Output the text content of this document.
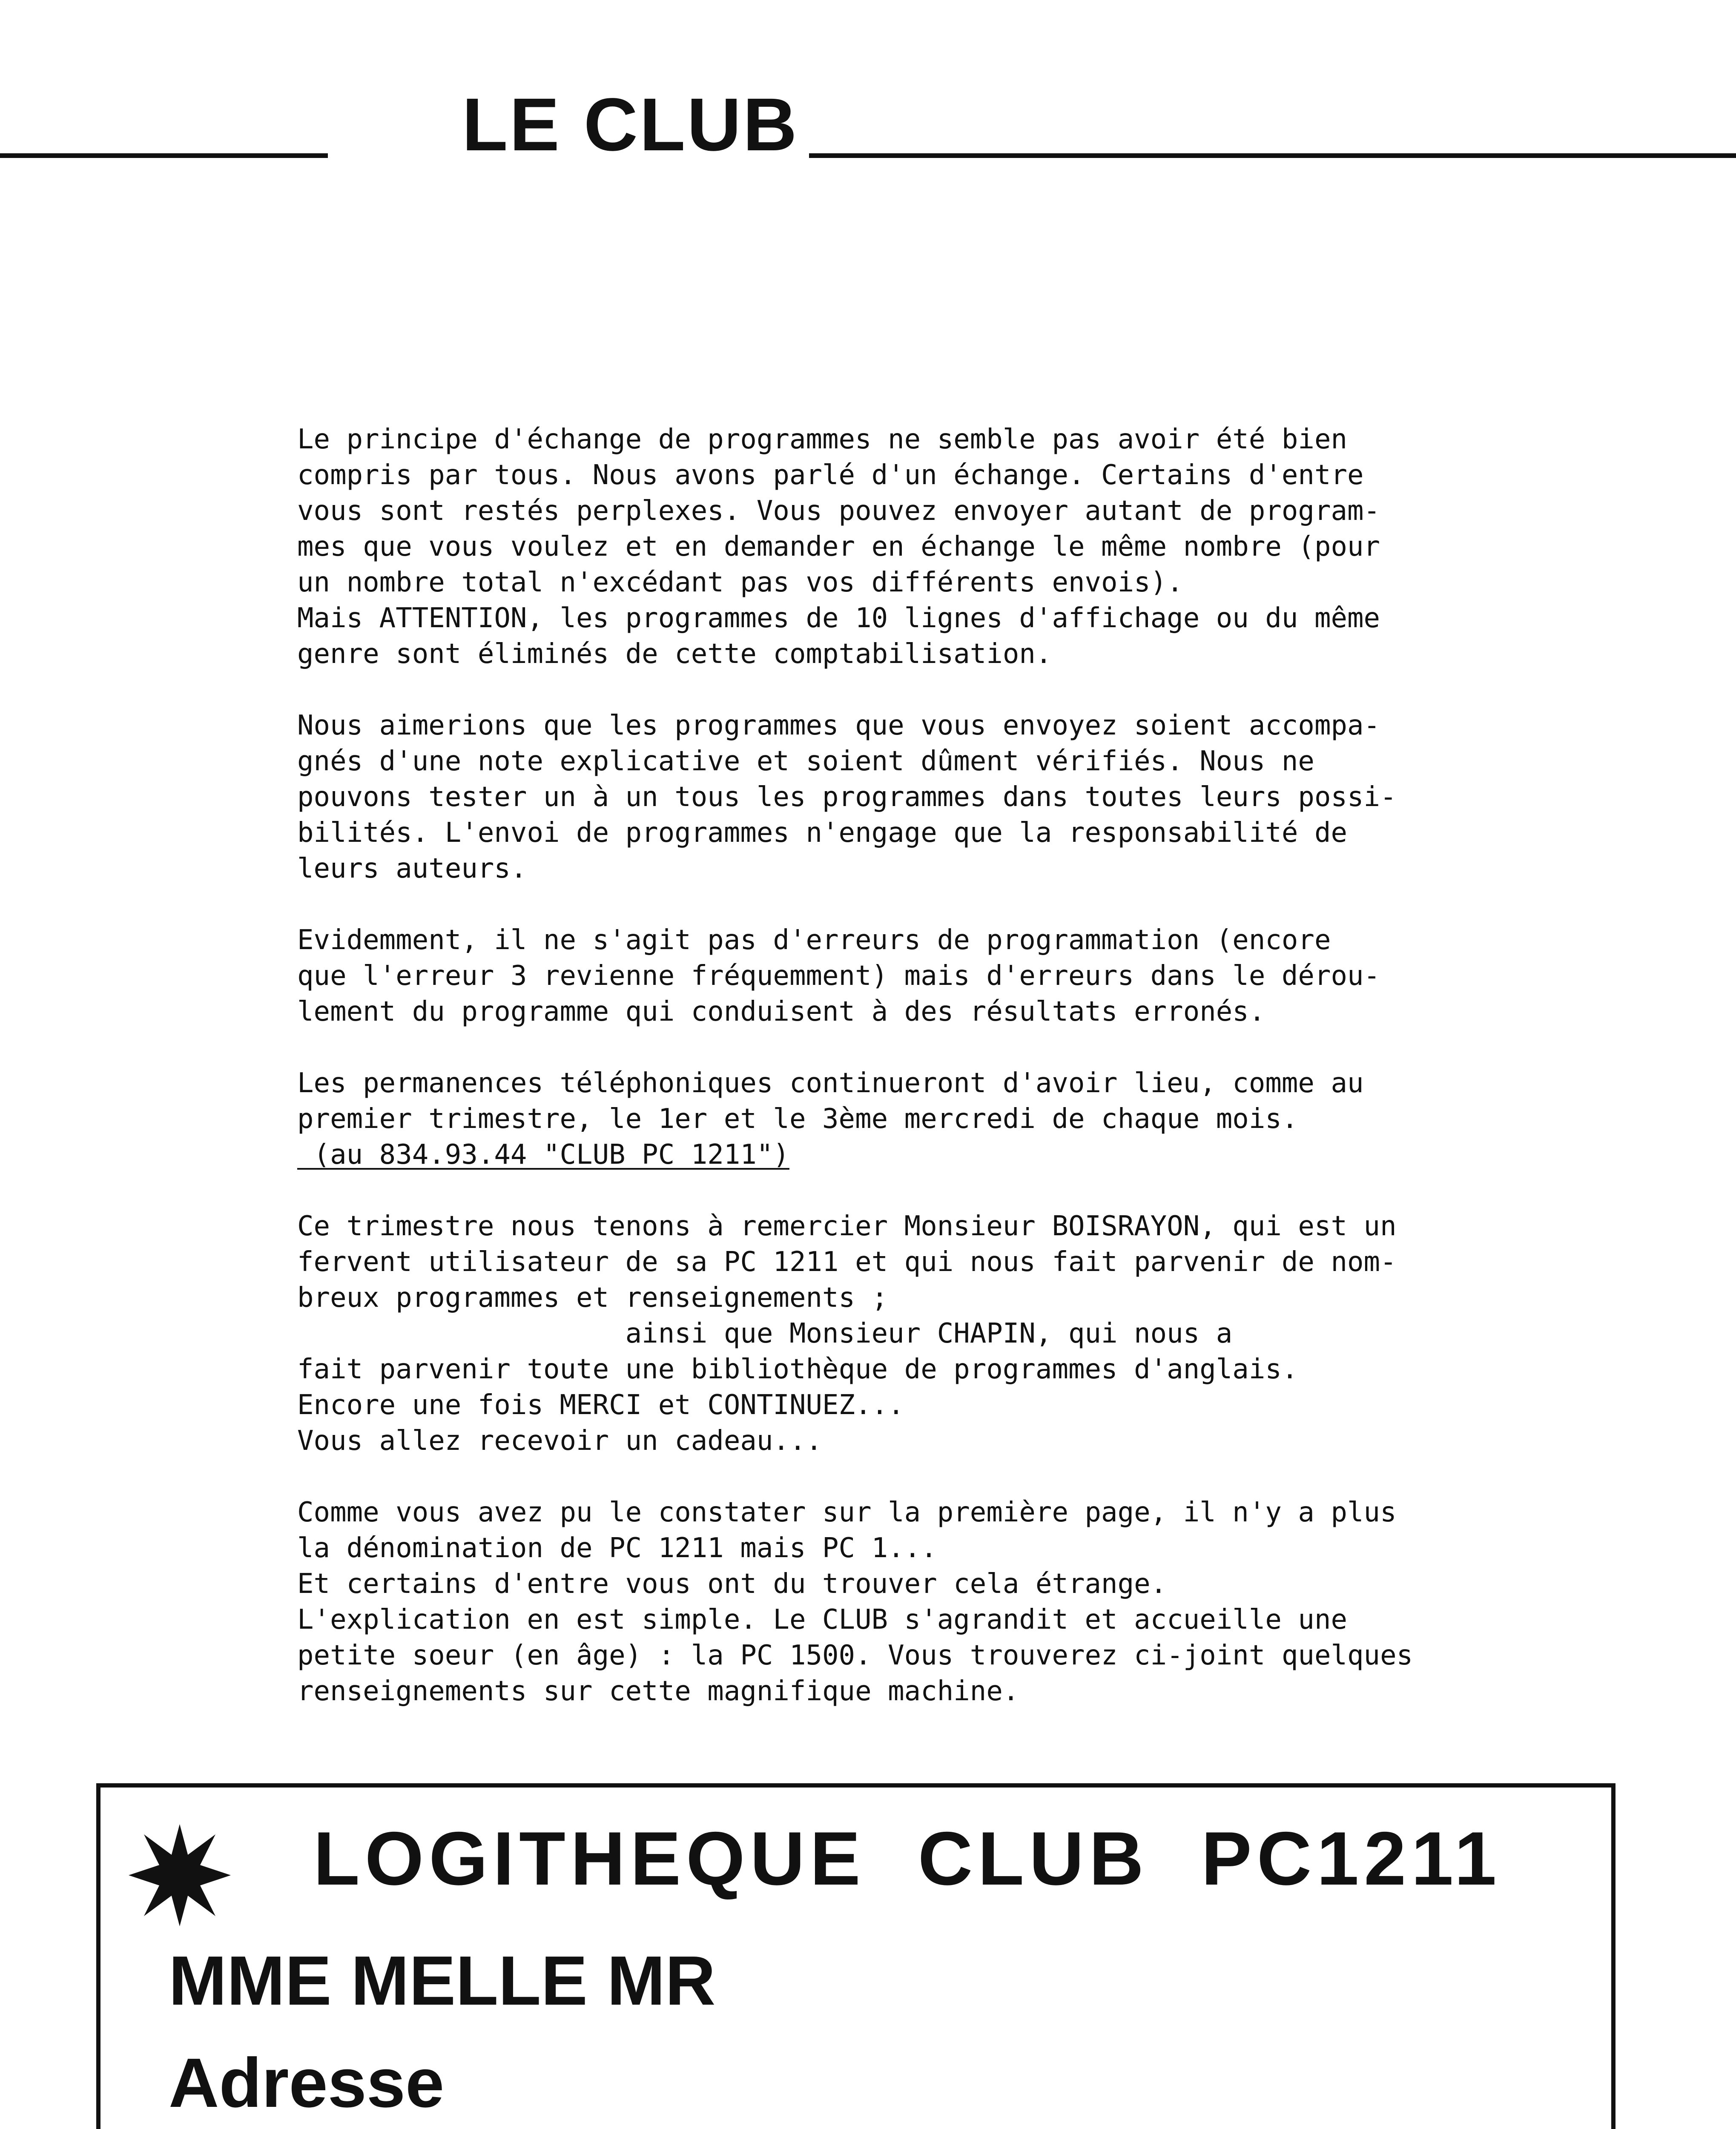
LE CLUB

Le principe d'échange de programmes ne semble pas avoir été bien
compris par tous. Nous avons parlé d'un échange. Certains d'entre
vous sont restés perplexes. Vous pouvez envoyer autant de program-
mes que vous voulez et en demander en échange le même nombre (pour
un nombre total n'excédant pas vos différents envois).
Mais ATTENTION, les programmes de 10 lignes d'affichage ou du même
genre sont éliminés de cette comptabilisation.

Nous aimerions que les programmes que vous envoyez soient accompa-
gnés d'une note explicative et soient dûment vérifiés. Nous ne
pouvons tester un à un tous les programmes dans toutes leurs possi-
bilités. L'envoi de programmes n'engage que la responsabilité de
leurs auteurs.

Evidemment, il ne s'agit pas d'erreurs de programmation (encore
que l'erreur 3 revienne fréquemment) mais d'erreurs dans le dérou-
lement du programme qui conduisent à des résultats erronés.

Les permanences téléphoniques continueront d'avoir lieu, comme au
premier trimestre, le 1er et le 3ème mercredi de chaque mois.
(au 834.93.44 "CLUB PC 1211")

Ce trimestre nous tenons à remercier Monsieur BOISRAYON, qui est un
fervent utilisateur de sa PC 1211 et qui nous fait parvenir de nom-
breux programmes et renseignements ;
ainsi que Monsieur CHAPIN, qui nous a
fait parvenir toute une bibliothèque de programmes d'anglais.
Encore une fois MERCI et CONTINUEZ...
Vous allez recevoir un cadeau...

Comme vous avez pu le constater sur la première page, il n'y a plus
la dénomination de PC 1211 mais PC 1...
Et certains d'entre vous ont du trouver cela étrange.
L'explication en est simple. Le CLUB s'agrandit et accueille une
petite soeur (en âge) : la PC 1500. Vous trouverez ci-joint quelques
renseignements sur cette magnifique machine.

LOGITHEQUE  CLUB  PC1211
MME MELLE MR
Adresse
